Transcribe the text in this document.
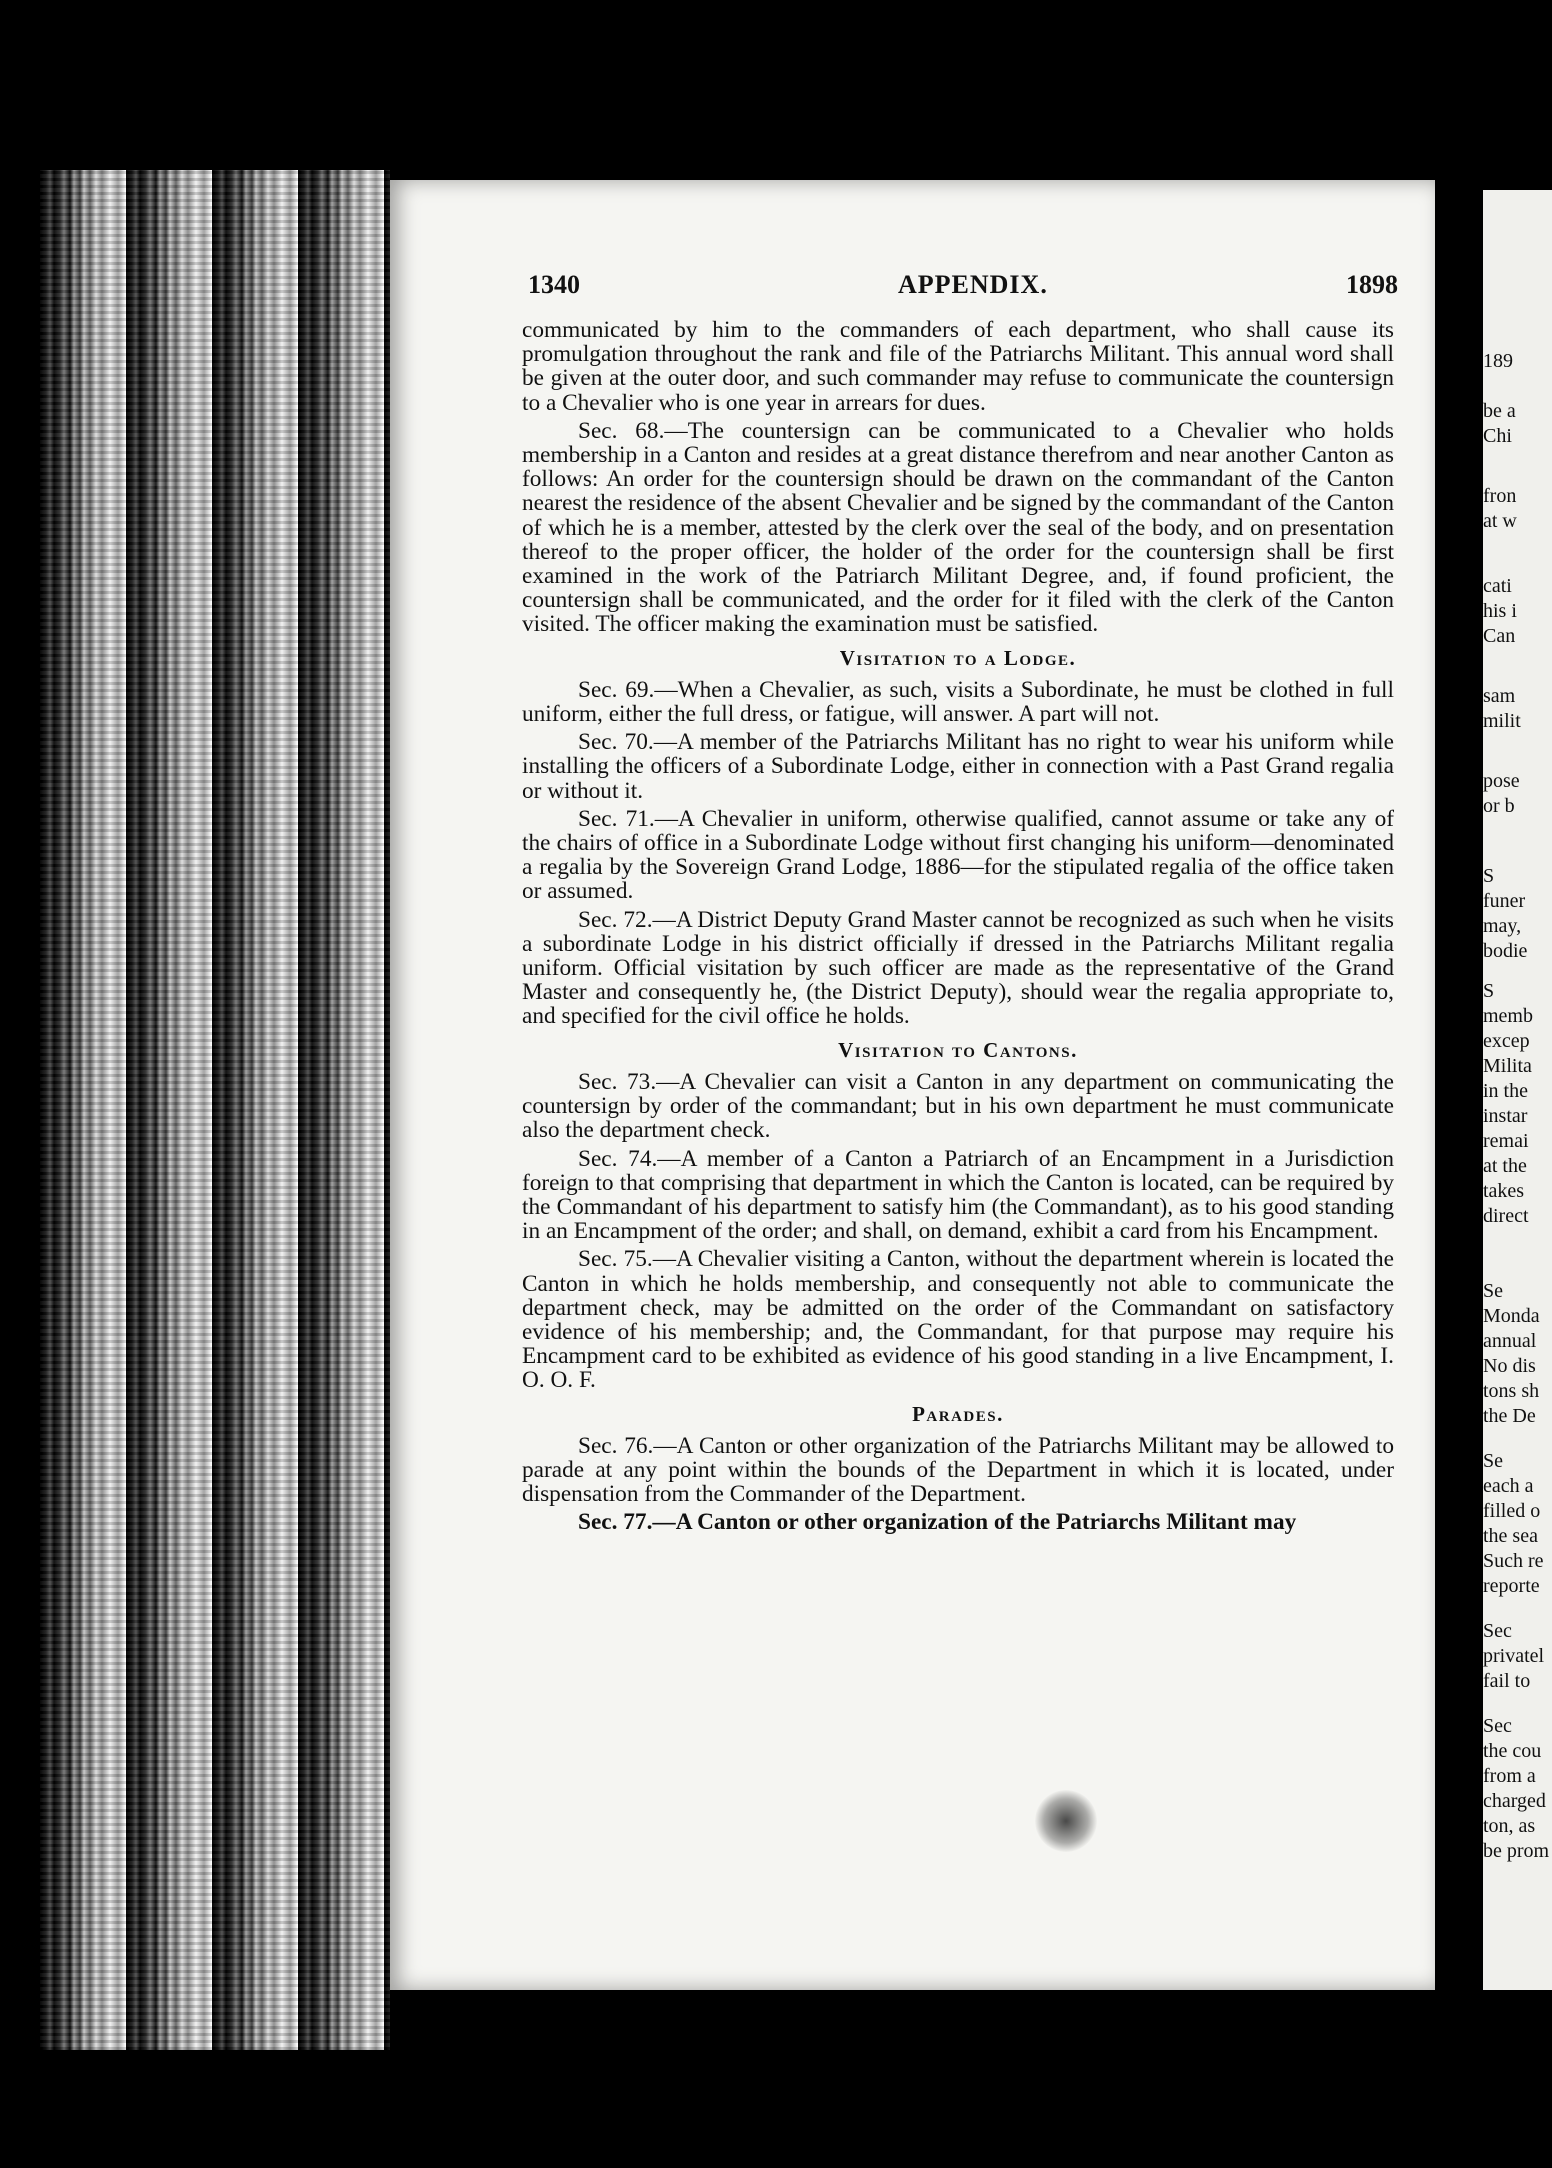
189
be a
Chi
fron
at w
cati
his i
Can
sam
milit
pose
or b
S
funer
may,
bodie
S
memb
excep
Milita
in the
instar
remai
at the
takes
direct
Se
Monda
annual
No dis
tons sh
the De
Se
each a
filled o
the sea
Such re
reporte
Sec
privatel
fail to
Sec
the cou
from a
charged
ton, as
be prom
1340	APPENDIX.	1898

communicated by him to the commanders of each department, who shall cause its promulgation throughout the rank and file of the Patriarchs Militant. This annual word shall be given at the outer door, and such commander may refuse to communicate the countersign to a Chevalier who is one year in arrears for dues.

Sec. 68.—The countersign can be communicated to a Chevalier who holds membership in a Canton and resides at a great distance therefrom and near another Canton as follows: An order for the countersign should be drawn on the commandant of the Canton nearest the residence of the absent Chevalier and be signed by the commandant of the Canton of which he is a member, attested by the clerk over the seal of the body, and on presentation thereof to the proper officer, the holder of the order for the countersign shall be first examined in the work of the Patriarch Militant Degree, and, if found proficient, the countersign shall be communicated, and the order for it filed with the clerk of the Canton visited. The officer making the examination must be satisfied.

Visitation to a Lodge.

Sec. 69.—When a Chevalier, as such, visits a Subordinate, he must be clothed in full uniform, either the full dress, or fatigue, will answer. A part will not.

Sec. 70.—A member of the Patriarchs Militant has no right to wear his uniform while installing the officers of a Subordinate Lodge, either in connection with a Past Grand regalia or without it.

Sec. 71.—A Chevalier in uniform, otherwise qualified, cannot assume or take any of the chairs of office in a Subordinate Lodge without first changing his uniform—denominated a regalia by the Sovereign Grand Lodge, 1886—for the stipulated regalia of the office taken or assumed.

Sec. 72.—A District Deputy Grand Master cannot be recognized as such when he visits a subordinate Lodge in his district officially if dressed in the Patriarchs Militant regalia uniform. Official visitation by such officer are made as the representative of the Grand Master and consequently he, (the District Deputy), should wear the regalia appropriate to, and specified for the civil office he holds.

Visitation to Cantons.

Sec. 73.—A Chevalier can visit a Canton in any department on communicating the countersign by order of the commandant; but in his own department he must communicate also the department check.

Sec. 74.—A member of a Canton a Patriarch of an Encampment in a Jurisdiction foreign to that comprising that department in which the Canton is located, can be required by the Commandant of his department to satisfy him (the Commandant), as to his good standing in an Encampment of the order; and shall, on demand, exhibit a card from his Encampment.

Sec. 75.—A Chevalier visiting a Canton, without the department wherein is located the Canton in which he holds membership, and consequently not able to communicate the department check, may be admitted on the order of the Commandant on satisfactory evidence of his membership; and, the Commandant, for that purpose may require his Encampment card to be exhibited as evidence of his good standing in a live Encampment, I. O. O. F.

Parades.

Sec. 76.—A Canton or other organization of the Patriarchs Militant may be allowed to parade at any point within the bounds of the Department in which it is located, under dispensation from the Commander of the Department.

Sec. 77.—A Canton or other organization of the Patriarchs Militant may
